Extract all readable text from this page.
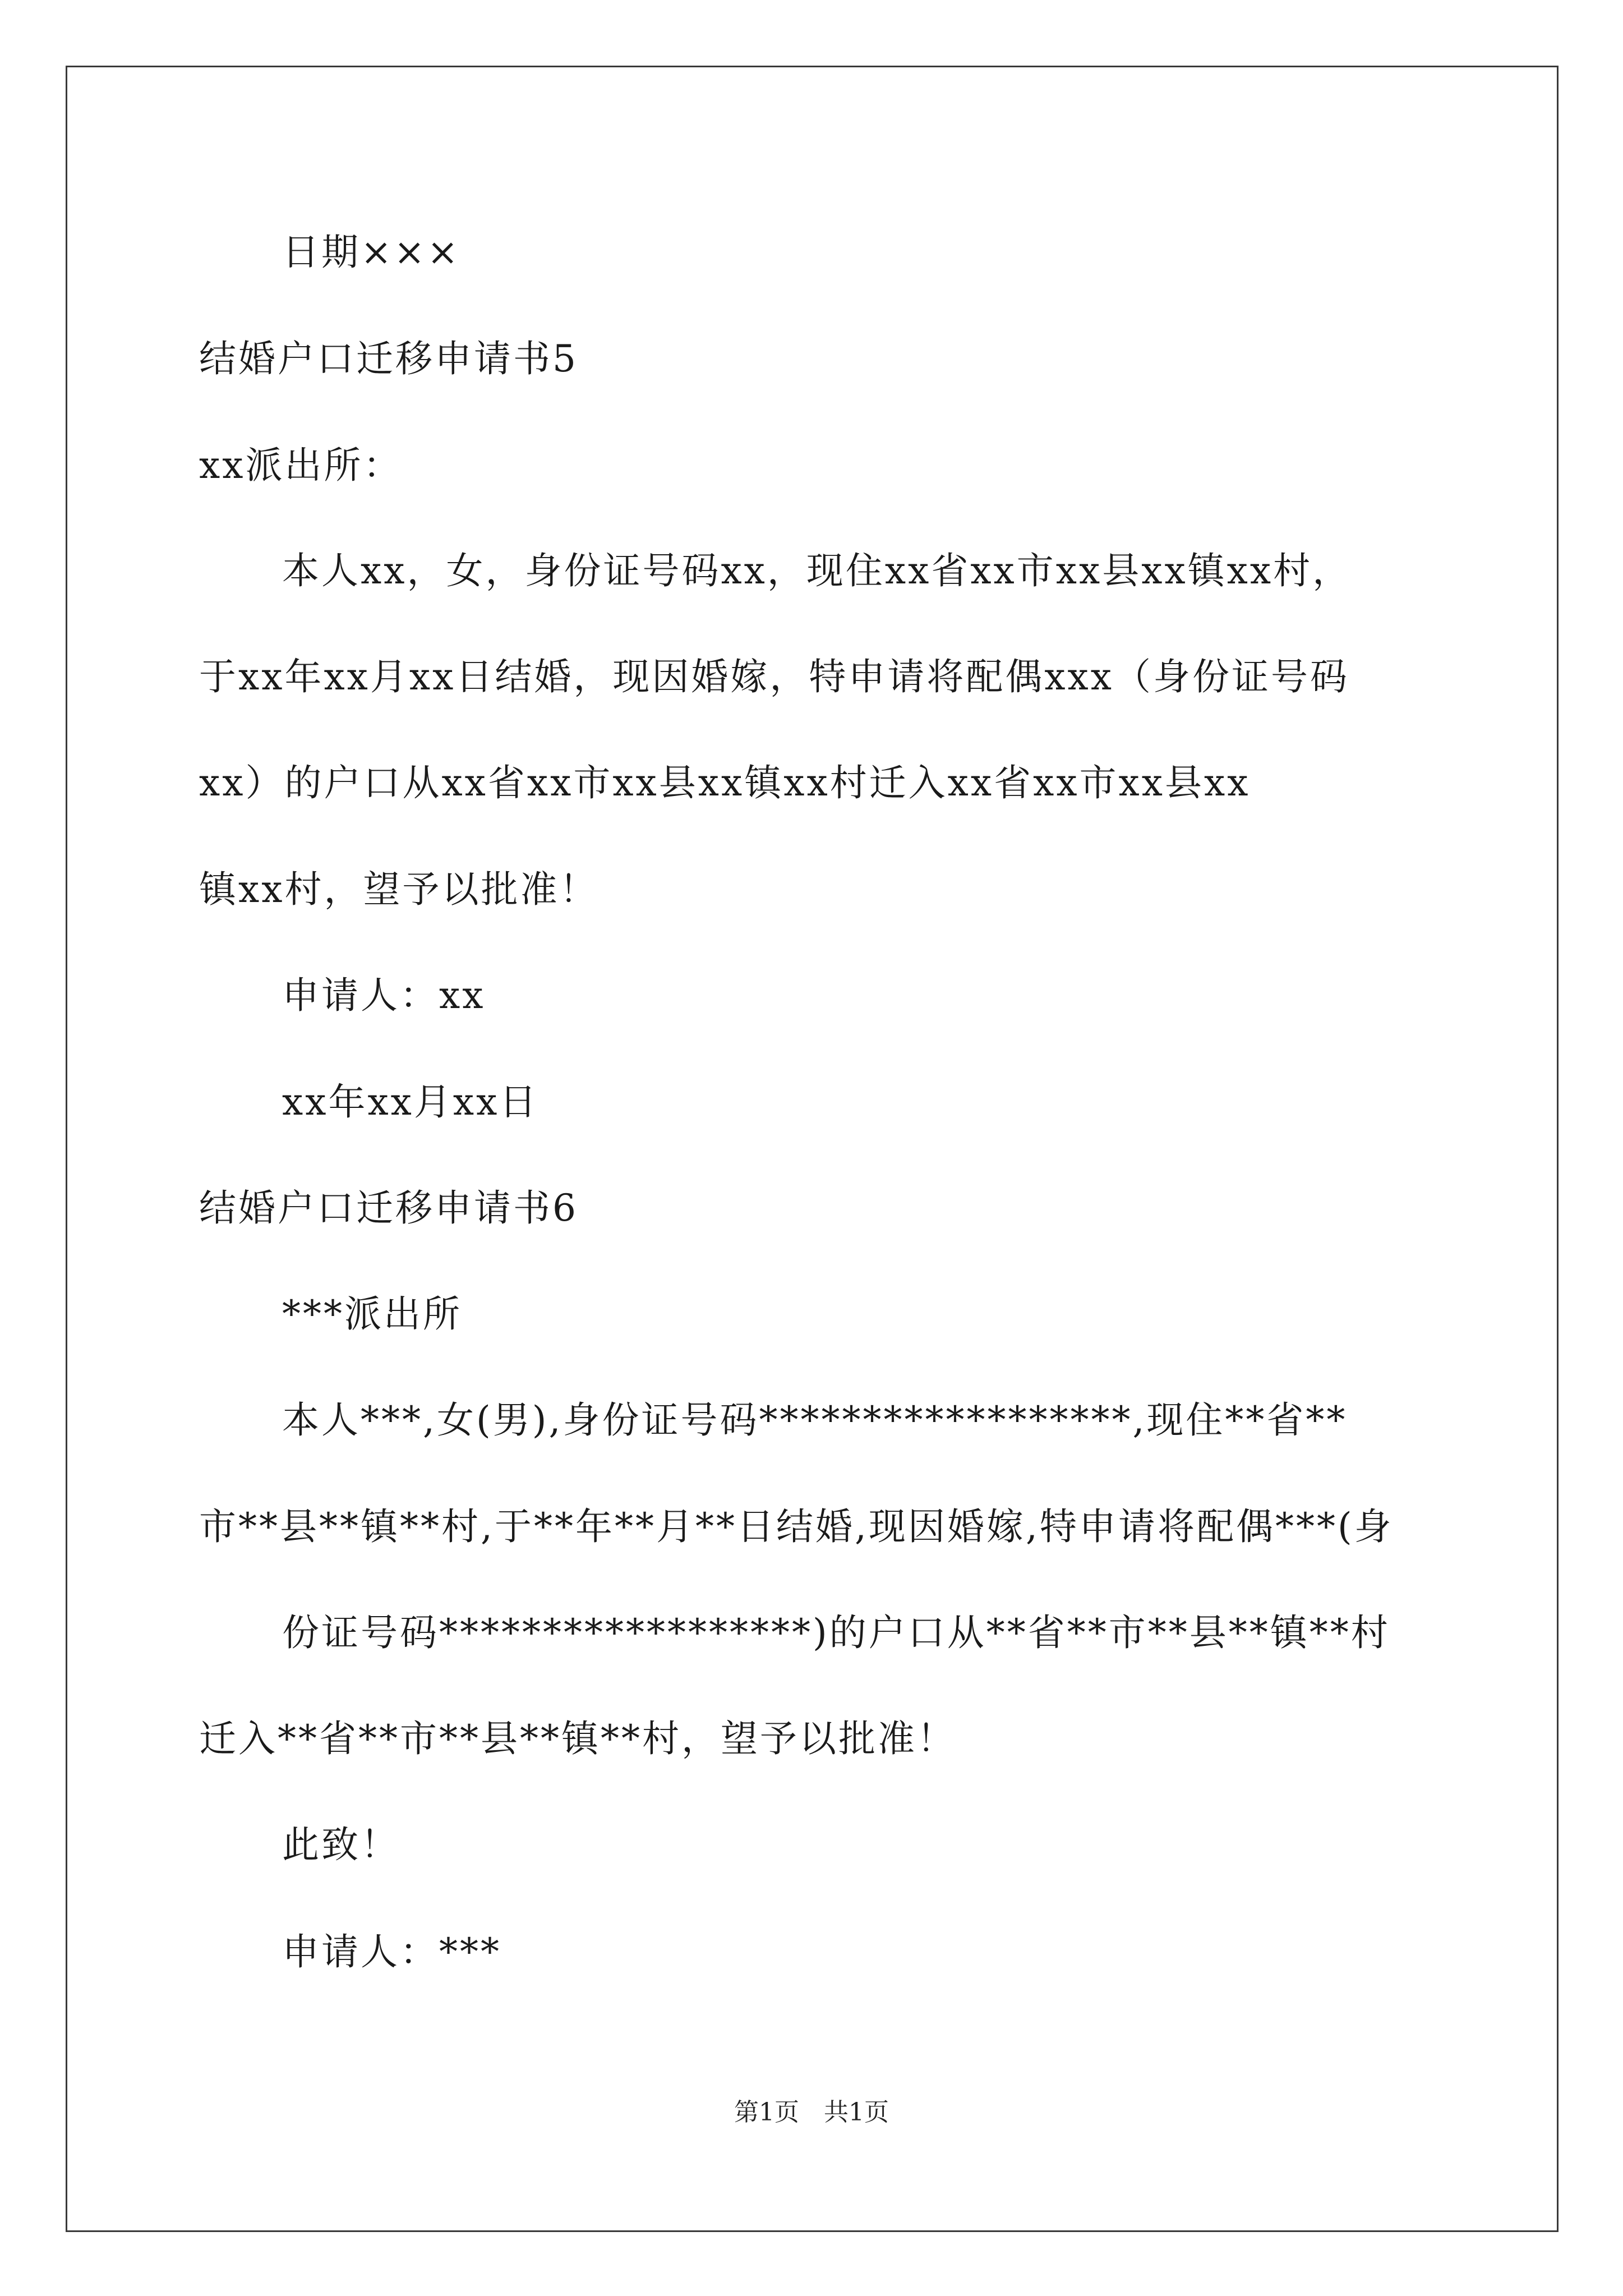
日期×××
结婚户口迁移申请书5
xx派出所：
本人xx，女，身份证号码xx，现住xx省xx市xx县xx镇xx村，
于xx年xx月xx日结婚，现因婚嫁，特申请将配偶xxx（身份证号码
xx）的户口从xx省xx市xx县xx镇xx村迁入xx省xx市xx县xx
镇xx村，望予以批准！
申请人：xx
xx年xx月xx日
结婚户口迁移申请书6
***派出所
本人***,女(男),身份证号码******************,现住**省**
市**县**镇**村,于**年**月**日结婚,现因婚嫁,特申请将配偶***(身
份证号码******************)的户口从**省**市**县**镇**村
迁入**省**市**县**镇**村，望予以批准！
此致！
申请人：***
第1页　共1页
